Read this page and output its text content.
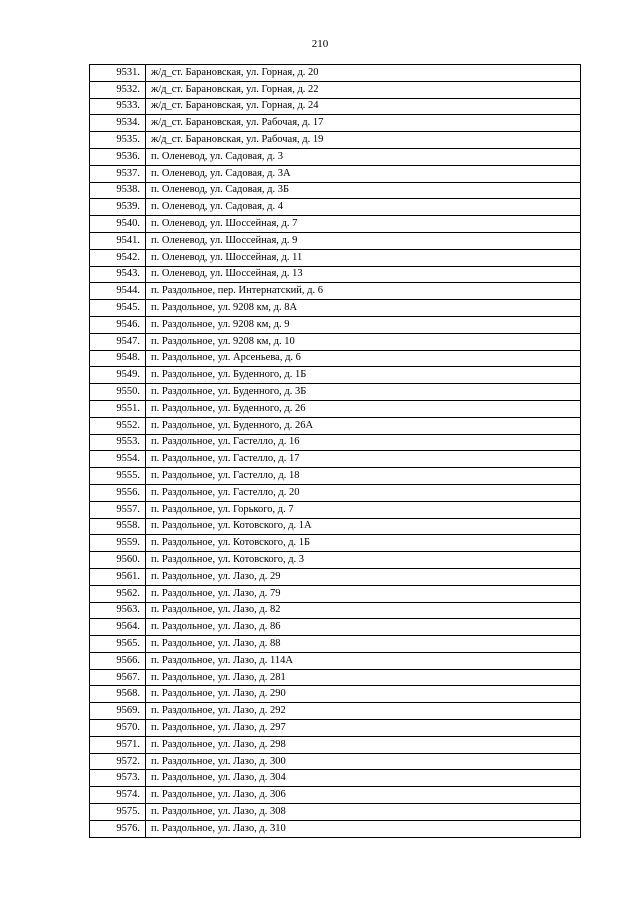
210
9531.	ж/д_ст. Барановская, ул. Горная, д. 20
9532.	ж/д_ст. Барановская, ул. Горная, д. 22
9533.	ж/д_ст. Барановская, ул. Горная, д. 24
9534.	ж/д_ст. Барановская, ул. Рабочая, д. 17
9535.	ж/д_ст. Барановская, ул. Рабочая, д. 19
9536.	п. Оленевод, ул. Садовая, д. 3
9537.	п. Оленевод, ул. Садовая, д. 3А
9538.	п. Оленевод, ул. Садовая, д. 3Б
9539.	п. Оленевод, ул. Садовая, д. 4
9540.	п. Оленевод, ул. Шоссейная, д. 7
9541.	п. Оленевод, ул. Шоссейная, д. 9
9542.	п. Оленевод, ул. Шоссейная, д. 11
9543.	п. Оленевод, ул. Шоссейная, д. 13
9544.	п. Раздольное, пер. Интернатский, д. 6
9545.	п. Раздольное, ул. 9208 км, д. 8А
9546.	п. Раздольное, ул. 9208 км, д. 9
9547.	п. Раздольное, ул. 9208 км, д. 10
9548.	п. Раздольное, ул. Арсеньева, д. 6
9549.	п. Раздольное, ул. Буденного, д. 1Б
9550.	п. Раздольное, ул. Буденного, д. 3Б
9551.	п. Раздольное, ул. Буденного, д. 26
9552.	п. Раздольное, ул. Буденного, д. 26А
9553.	п. Раздольное, ул. Гастелло, д. 16
9554.	п. Раздольное, ул. Гастелло, д. 17
9555.	п. Раздольное, ул. Гастелло, д. 18
9556.	п. Раздольное, ул. Гастелло, д. 20
9557.	п. Раздольное, ул. Горького, д. 7
9558.	п. Раздольное, ул. Котовского, д. 1А
9559.	п. Раздольное, ул. Котовского, д. 1Б
9560.	п. Раздольное, ул. Котовского, д. 3
9561.	п. Раздольное, ул. Лазо, д. 29
9562.	п. Раздольное, ул. Лазо, д. 79
9563.	п. Раздольное, ул. Лазо, д. 82
9564.	п. Раздольное, ул. Лазо, д. 86
9565.	п. Раздольное, ул. Лазо, д. 88
9566.	п. Раздольное, ул. Лазо, д. 114А
9567.	п. Раздольное, ул. Лазо, д. 281
9568.	п. Раздольное, ул. Лазо, д. 290
9569.	п. Раздольное, ул. Лазо, д. 292
9570.	п. Раздольное, ул. Лазо, д. 297
9571.	п. Раздольное, ул. Лазо, д. 298
9572.	п. Раздольное, ул. Лазо, д. 300
9573.	п. Раздольное, ул. Лазо, д. 304
9574.	п. Раздольное, ул. Лазо, д. 306
9575.	п. Раздольное, ул. Лазо, д. 308
9576.	п. Раздольное, ул. Лазо, д. 310
